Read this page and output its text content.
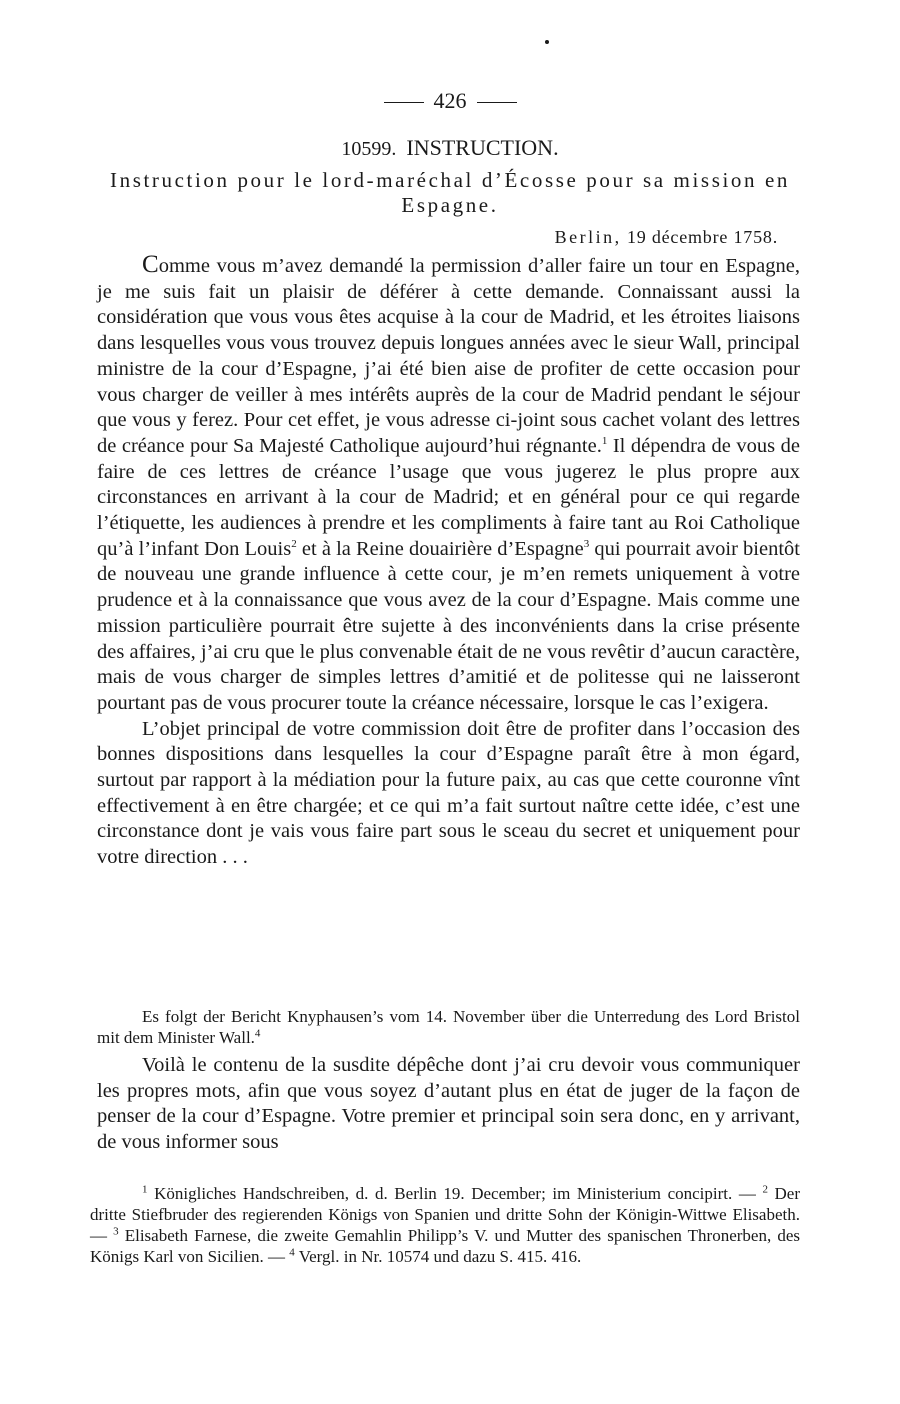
426
10599. INSTRUCTION.
Instruction pour le lord-maréchal d’Écosse pour sa mission en Espagne.
Berlin, 19 décembre 1758.

Comme vous m’avez demandé la permission d’aller faire un tour en Espagne, je me suis fait un plaisir de déférer à cette demande. Connaissant aussi la considération que vous vous êtes acquise à la cour de Madrid, et les étroites liaisons dans lesquelles vous vous trouvez depuis longues années avec le sieur Wall, principal ministre de la cour d’Espagne, j’ai été bien aise de profiter de cette occasion pour vous charger de veiller à mes intérêts auprès de la cour de Madrid pendant le séjour que vous y ferez. Pour cet effet, je vous adresse ci-joint sous cachet volant des lettres de créance pour Sa Majesté Catholique aujourd’hui régnante.$^1$ Il dépendra de vous de faire de ces lettres de créance l’usage que vous jugerez le plus propre aux circonstances en arrivant à la cour de Madrid; et en général pour ce qui regarde l’étiquette, les audiences à prendre et les compliments à faire tant au Roi Catholique qu’à l’infant Don Louis$^2$ et à la Reine douairière d’Espagne$^3$ qui pourrait avoir bientôt de nouveau une grande influence à cette cour, je m’en remets uniquement à votre prudence et à la connaissance que vous avez de la cour d’Espagne. Mais comme une mission particulière pourrait être sujette à des inconvénients dans la crise présente des affaires, j’ai cru que le plus convenable était de ne vous revêtir d’aucun caractère, mais de vous charger de simples lettres d’amitié et de politesse qui ne laisseront pourtant pas de vous procurer toute la créance nécessaire, lorsque le cas l’exigera.

L’objet principal de votre commission doit être de profiter dans l’occasion des bonnes dispositions dans lesquelles la cour d’Espagne paraît être à mon égard, surtout par rapport à la médiation pour la future paix, au cas que cette couronne vînt effectivement à en être chargée; et ce qui m’a fait surtout naître cette idée, c’est une circonstance dont je vais vous faire part sous le sceau du secret et uniquement pour votre direction . . .

Es folgt der Bericht Knyphausen’s vom 14. November über die Unterredung des Lord Bristol mit dem Minister Wall.$^4$

Voilà le contenu de la susdite dépêche dont j’ai cru devoir vous communiquer les propres mots, afin que vous soyez d’autant plus en état de juger de la façon de penser de la cour d’Espagne. Votre premier et principal soin sera donc, en y arrivant, de vous informer sous

$^1$ Königliches Handschreiben, d. d. Berlin 19. December; im Ministerium concipirt. — $^2$ Der dritte Stiefbruder des regierenden Königs von Spanien und dritte Sohn der Königin-Wittwe Elisabeth. — $^3$ Elisabeth Farnese, die zweite Gemahlin Philipp’s V. und Mutter des spanischen Thronerben, des Königs Karl von Sicilien. — $^4$ Vergl. in Nr. 10574 und dazu S. 415. 416.
